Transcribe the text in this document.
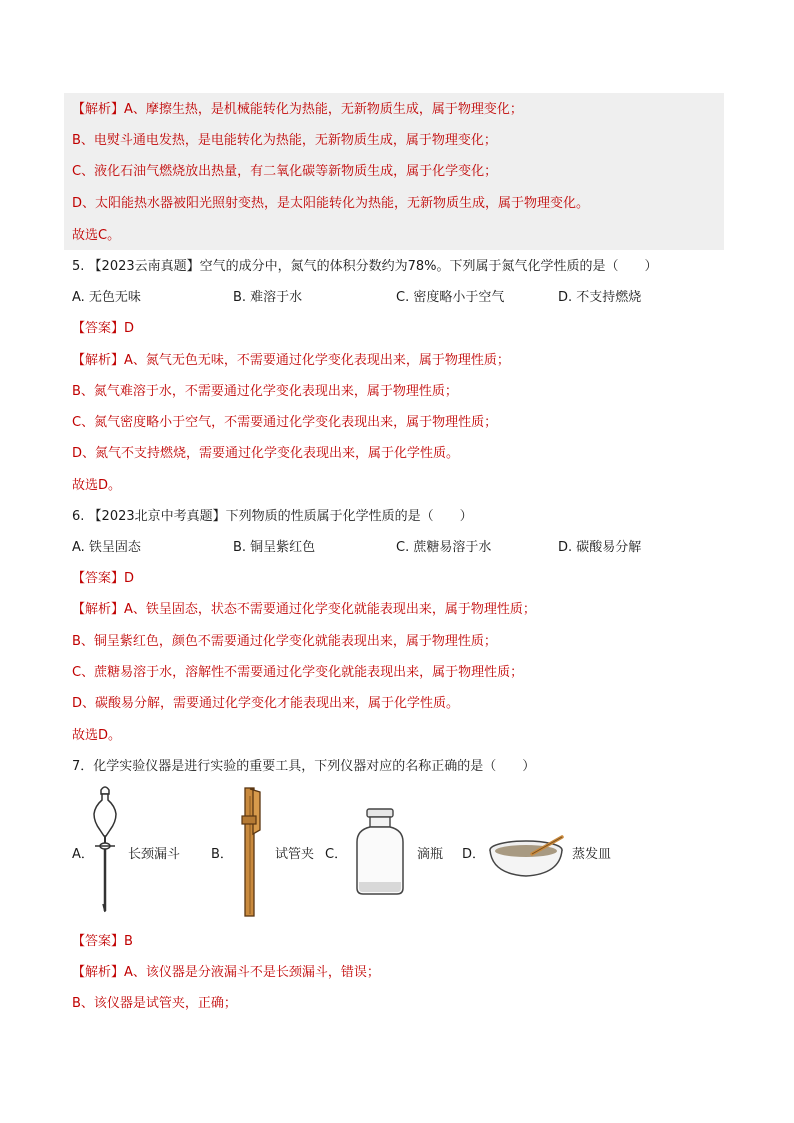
【解析】A、摩擦生热，是机械能转化为热能，无新物质生成，属于物理变化；
B、电熨斗通电发热，是电能转化为热能，无新物质生成，属于物理变化；
C、液化石油气燃烧放出热量，有二氧化碳等新物质生成，属于化学变化；
D、太阳能热水器被阳光照射变热，是太阳能转化为热能，无新物质生成，属于物理变化。
故选C。
5. 【2023云南真题】空气的成分中，氮气的体积分数约为78%。下列属于氮气化学性质的是（　　）
A. 无色无味	B. 难溶于水	C. 密度略小于空气	D. 不支持燃烧
【答案】D
【解析】A、氮气无色无味，不需要通过化学变化表现出来，属于物理性质；
B、氮气难溶于水，不需要通过化学变化表现出来，属于物理性质；
C、氮气密度略小于空气，不需要通过化学变化表现出来，属于物理性质；
D、氮气不支持燃烧，需要通过化学变化表现出来，属于化学性质。
故选D。
6. 【2023北京中考真题】下列物质的性质属于化学性质的是（　　）
A. 铁呈固态	B. 铜呈紫红色	C. 蔗糖易溶于水	D. 碳酸易分解
【答案】D
【解析】A、铁呈固态，状态不需要通过化学变化就能表现出来，属于物理性质；
B、铜呈紫红色，颜色不需要通过化学变化就能表现出来，属于物理性质；
C、蔗糖易溶于水，溶解性不需要通过化学变化就能表现出来，属于物理性质；
D、碳酸易分解，需要通过化学变化才能表现出来，属于化学性质。
故选D。
7．化学实验仪器是进行实验的重要工具，下列仪器对应的名称正确的是（　　）
A．	长颈漏斗 B．	试管夹 C．	滴瓶 D．	蒸发皿
【答案】B
【解析】A、该仪器是分液漏斗不是长颈漏斗，错误；
B、该仪器是试管夹，正确；
